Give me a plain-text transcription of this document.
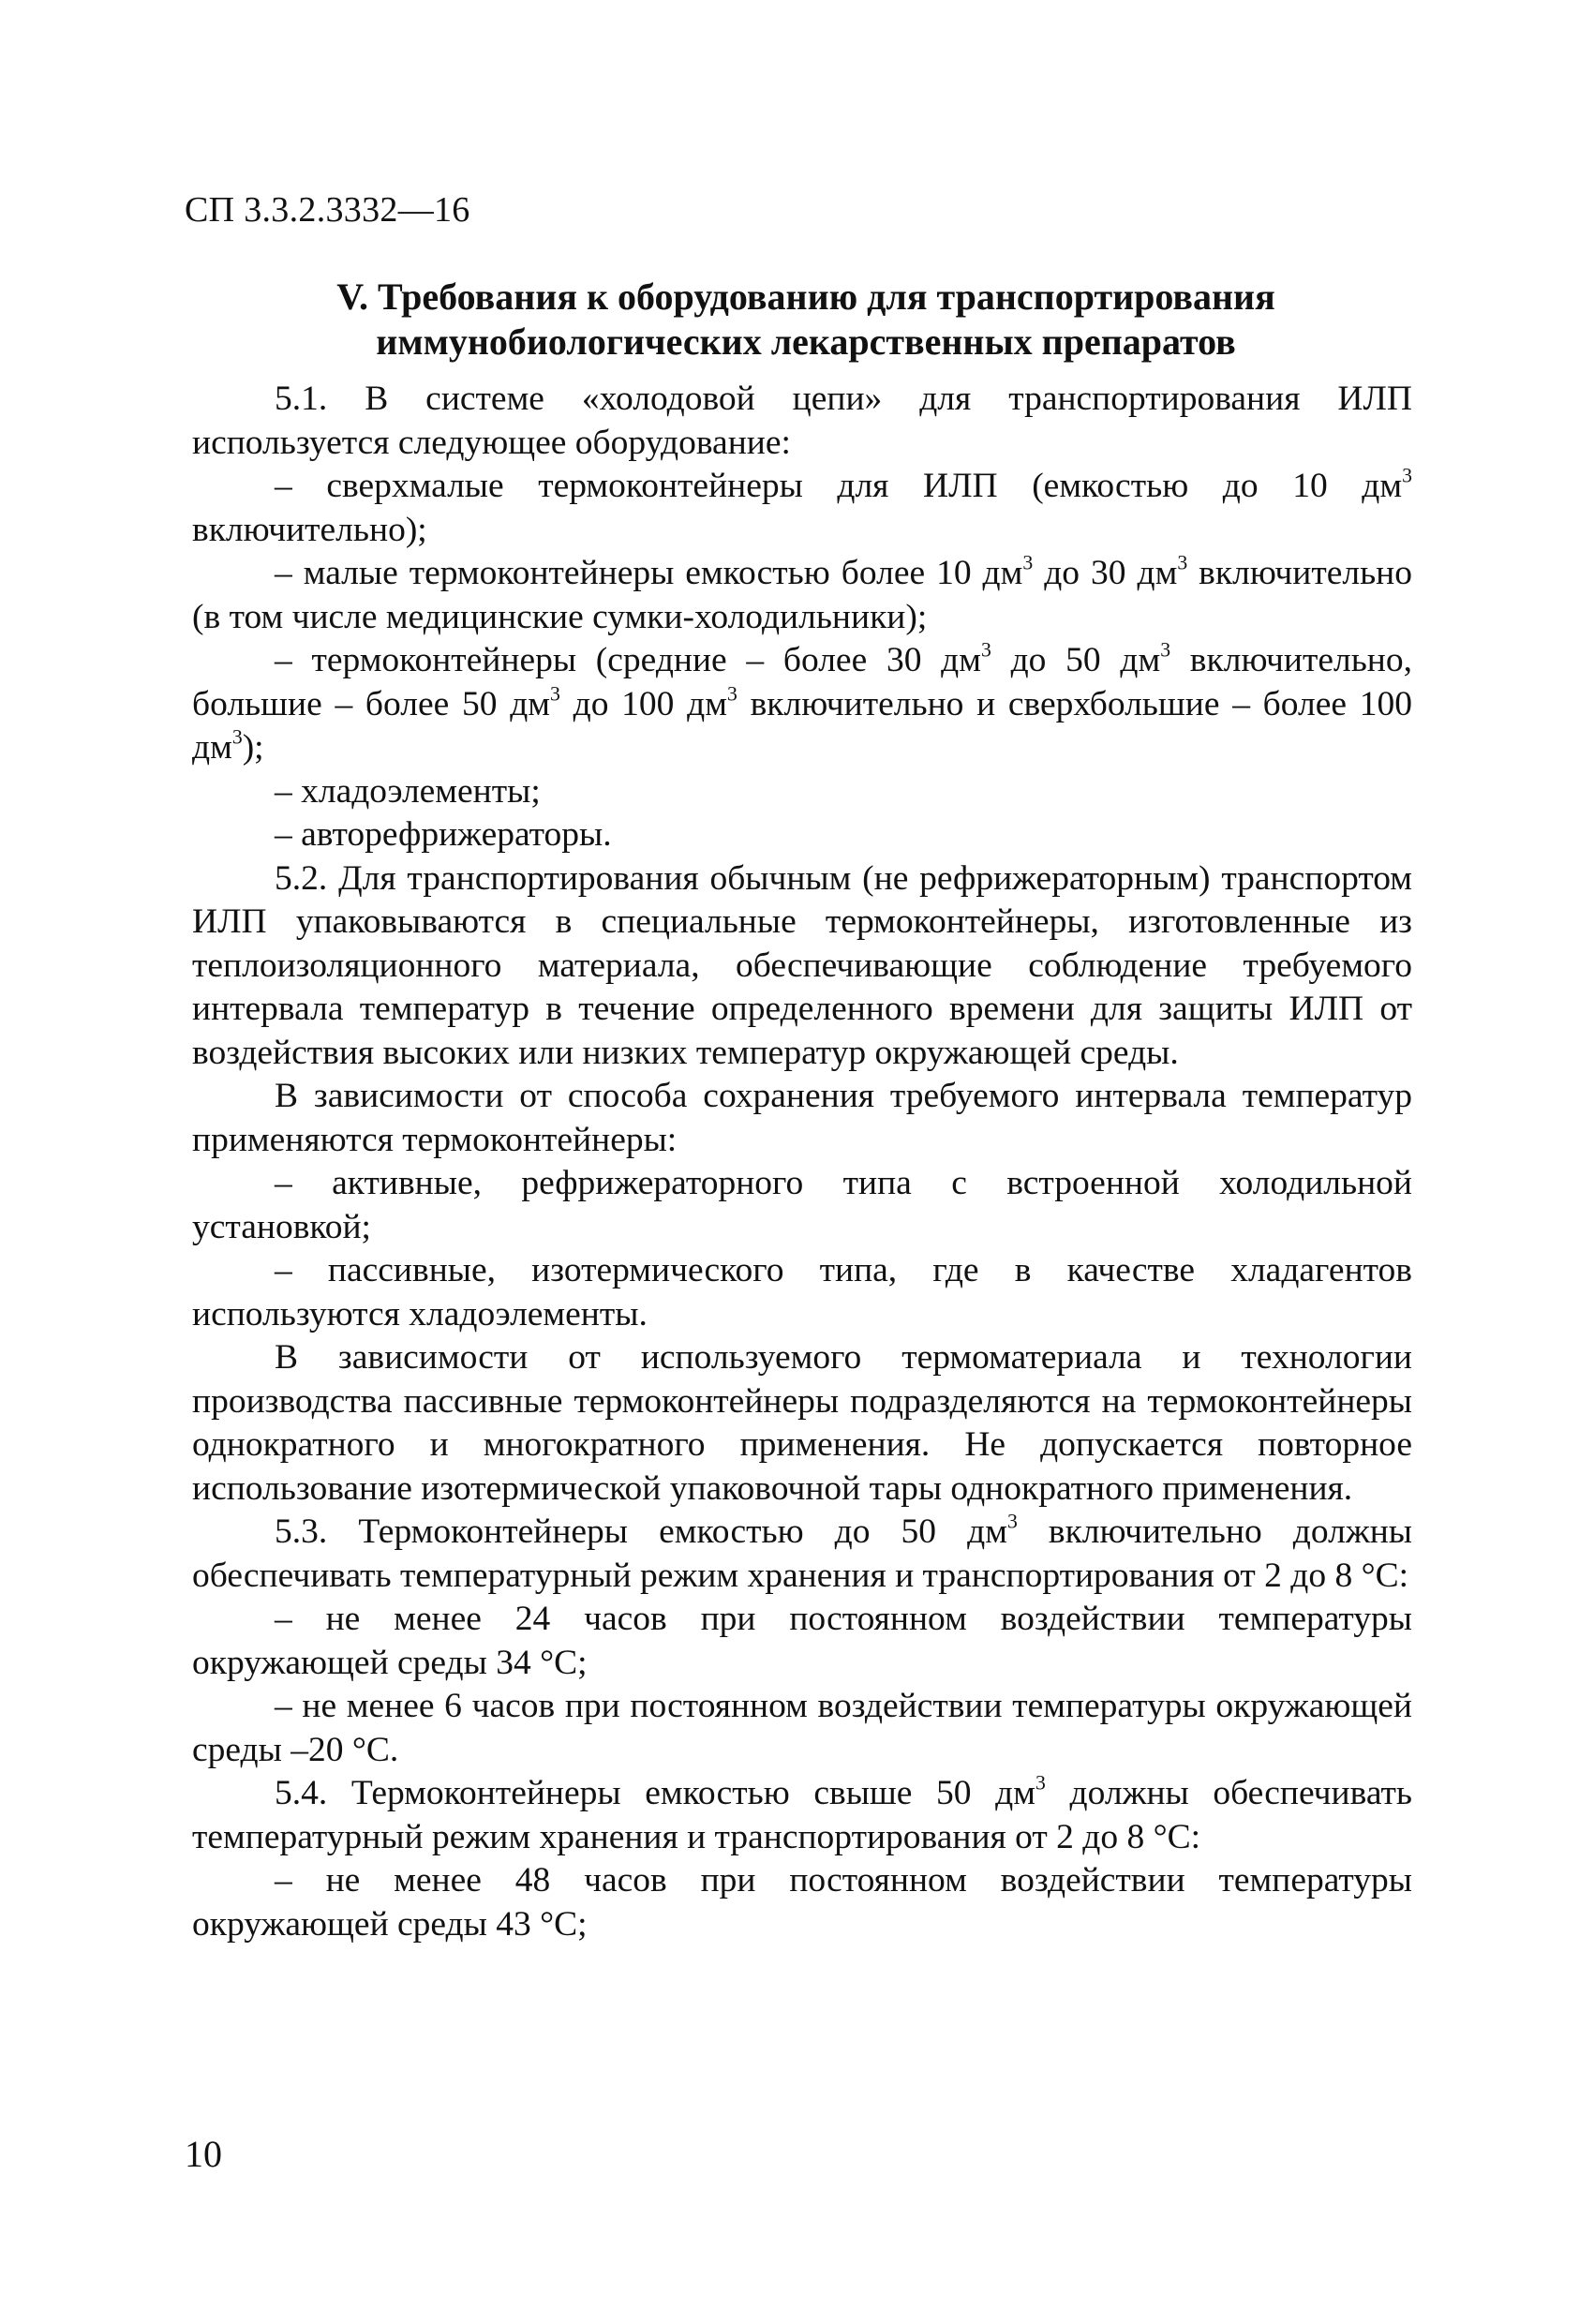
СП 3.3.2.3332—16
V. Требования к оборудованию для транспортирования
иммунобиологических лекарственных препаратов

5.1. В системе «холодовой цепи» для транспортирования ИЛП используется следующее оборудование:

– сверхмалые термоконтейнеры для ИЛП (емкостью до 10 $дм^3$ включительно);

– малые термоконтейнеры емкостью более 10 $дм^3$ до 30 $дм^3$ включительно (в том числе медицинские сумки-холодильники);

– термоконтейнеры (средние – более 30 $дм^3$ до 50 $дм^3$ включительно, большие – более 50 $дм^3$ до 100 $дм^3$ включительно и сверхбольшие – более 100 $дм^3$);

– хладоэлементы;

– авторефрижераторы.

5.2. Для транспортирования обычным (не рефрижераторным) транспортом ИЛП упаковываются в специальные термоконтейнеры, изготовленные из теплоизоляционного материала, обеспечивающие соблюдение требуемого интервала температур в течение определенного времени для защиты ИЛП от воздействия высоких или низких температур окружающей среды.

В зависимости от способа сохранения требуемого интервала температур применяются термоконтейнеры:

– активные, рефрижераторного типа с встроенной холодильной установкой;

– пассивные, изотермического типа, где в качестве хладагентов используются хладоэлементы.

В зависимости от используемого термоматериала и технологии производства пассивные термоконтейнеры подразделяются на термоконтейнеры однократного и многократного применения. Не допускается повторное использование изотермической упаковочной тары однократного применения.

5.3. Термоконтейнеры емкостью до 50 $дм^3$ включительно должны обеспечивать температурный режим хранения и транспортирования от 2 до 8 °С:

– не менее 24 часов при постоянном воздействии температуры окружающей среды 34 °С;

– не менее 6 часов при постоянном воздействии температуры окружающей среды –20 °С.

5.4. Термоконтейнеры емкостью свыше 50 $дм^3$ должны обеспечивать температурный режим хранения и транспортирования от 2 до 8 °С:

– не менее 48 часов при постоянном воздействии температуры окружающей среды 43 °С;

10
